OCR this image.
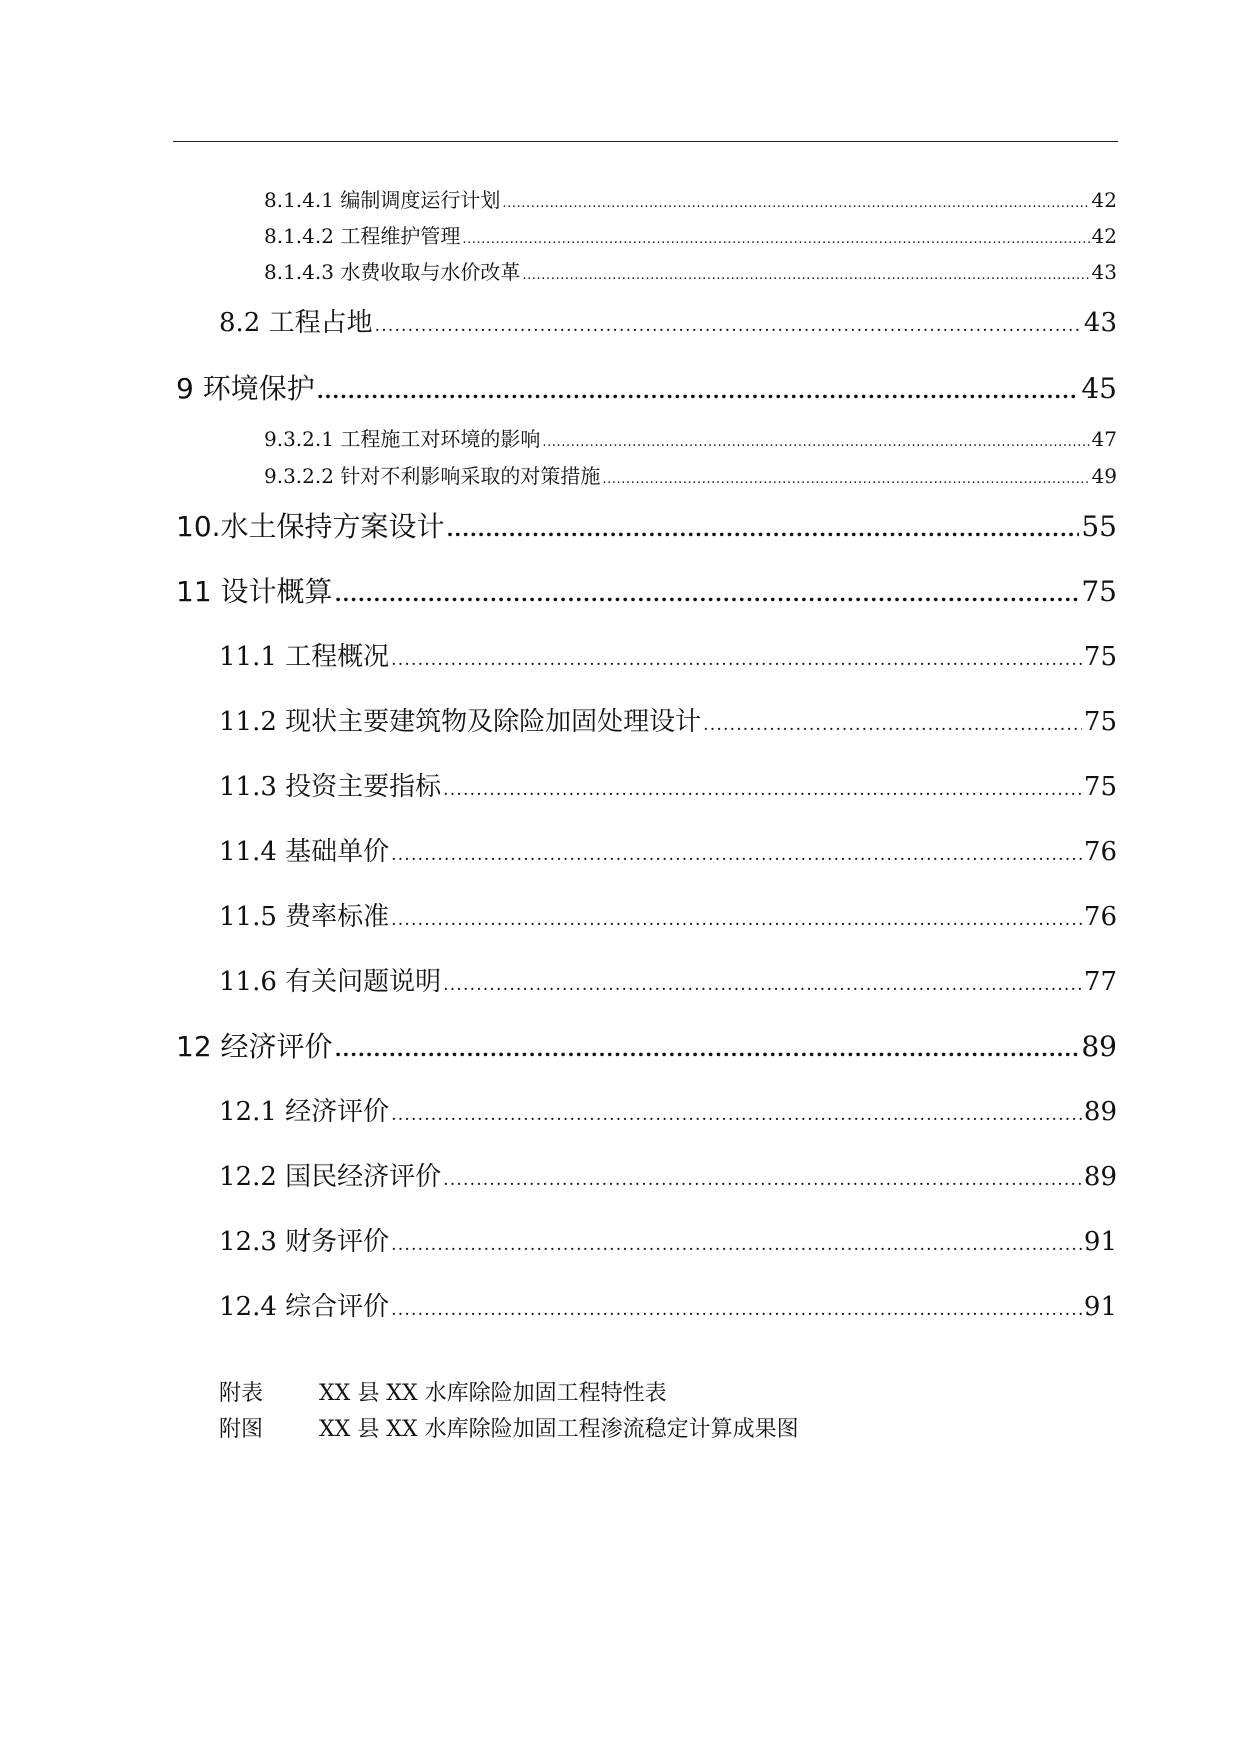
8.1.4.1 编制调度运行计划 .....	42
8.1.4.2 工程维护管理 .....	42
8.1.4.3 水费收取与水价改革 .....	43
8.2 工程占地 .....	43
9 环境保护 .....	45
9.3.2.1 工程施工对环境的影响 .....	47
9.3.2.2 针对不利影响采取的对策措施 .....	49
10.水土保持方案设计 .....	55
11 设计概算 .....	75
11.1 工程概况 .....	75
11.2 现状主要建筑物及除险加固处理设计 .....	75
11.3 投资主要指标 .....	75
11.4 基础单价 .....	76
11.5 费率标准 .....	76
11.6 有关问题说明 .....	77
12 经济评价 .....	89
12.1 经济评价 .....	89
12.2 国民经济评价 .....	89
12.3 财务评价 .....	91
12.4 综合评价 .....	91
附表	XX 县 XX 水库除险加固工程特性表
附图	XX 县 XX 水库除险加固工程渗流稳定计算成果图
